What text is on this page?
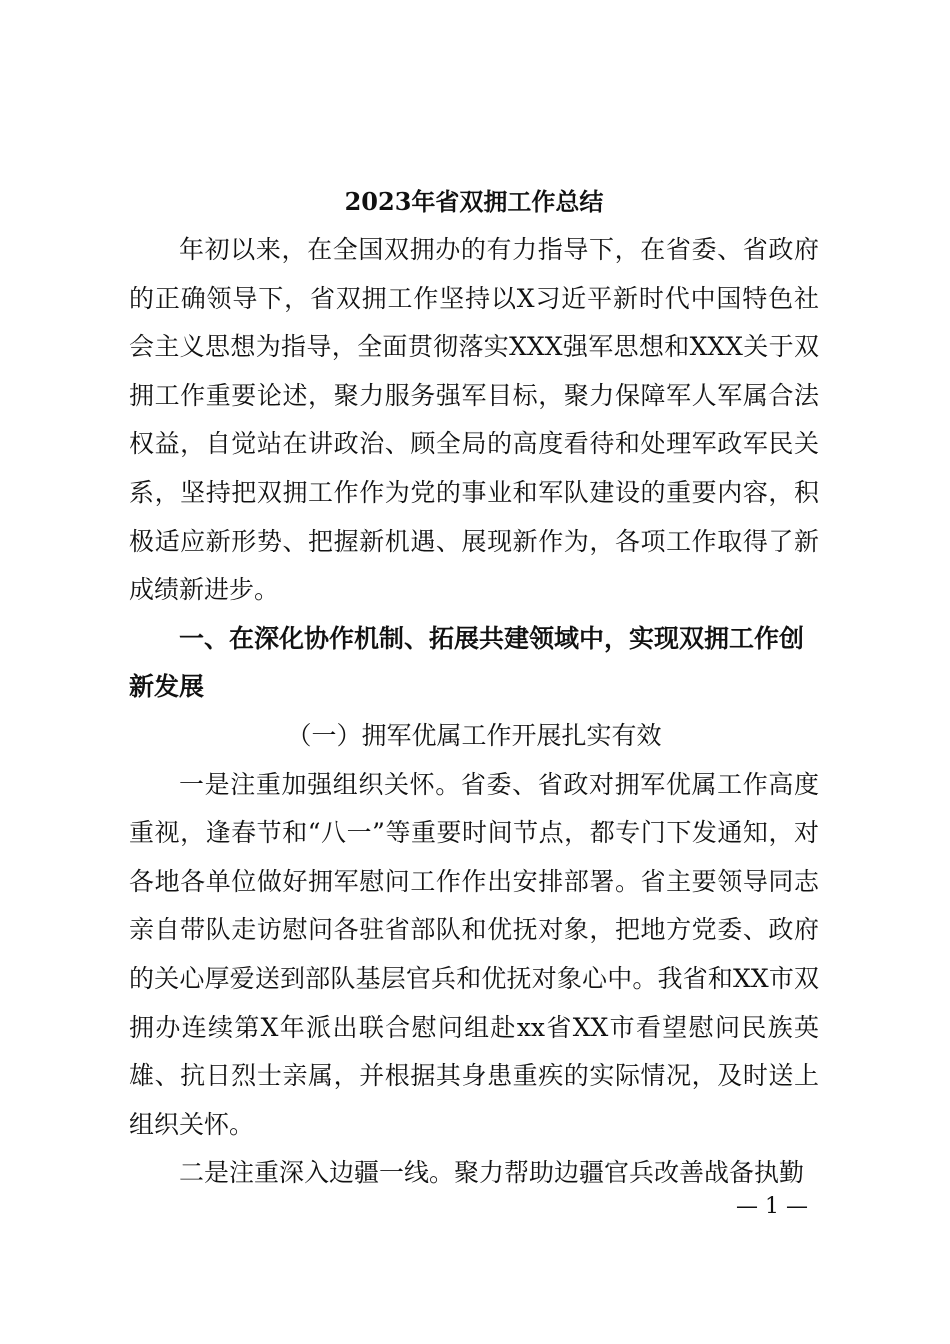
2023年省双拥工作总结

年初以来，在全国双拥办的有力指导下，在省委、省政府的正确领导下，省双拥工作坚持以X习近平新时代中国特色社会主义思想为指导，全面贯彻落实XXX强军思想和XXX关于双拥工作重要论述，聚力服务强军目标，聚力保障军人军属合法权益，自觉站在讲政治、顾全局的高度看待和处理军政军民关系，坚持把双拥工作作为党的事业和军队建设的重要内容，积极适应新形势、把握新机遇、展现新作为，各项工作取得了新成绩新进步。

一、在深化协作机制、拓展共建领域中，实现双拥工作创新发展

（一）拥军优属工作开展扎实有效

一是注重加强组织关怀。省委、省政对拥军优属工作高度重视，逢春节和“八一”等重要时间节点，都专门下发通知，对各地各单位做好拥军慰问工作作出安排部署。省主要领导同志亲自带队走访慰问各驻省部队和优抚对象，把地方党委、政府的关心厚爱送到部队基层官兵和优抚对象心中。我省和XX市双拥办连续第X年派出联合慰问组赴xx省XX市看望慰问民族英雄、抗日烈士亲属，并根据其身患重疾的实际情况，及时送上组织关怀。

二是注重深入边疆一线。聚力帮助边疆官兵改善战备执勤

— 1 —
